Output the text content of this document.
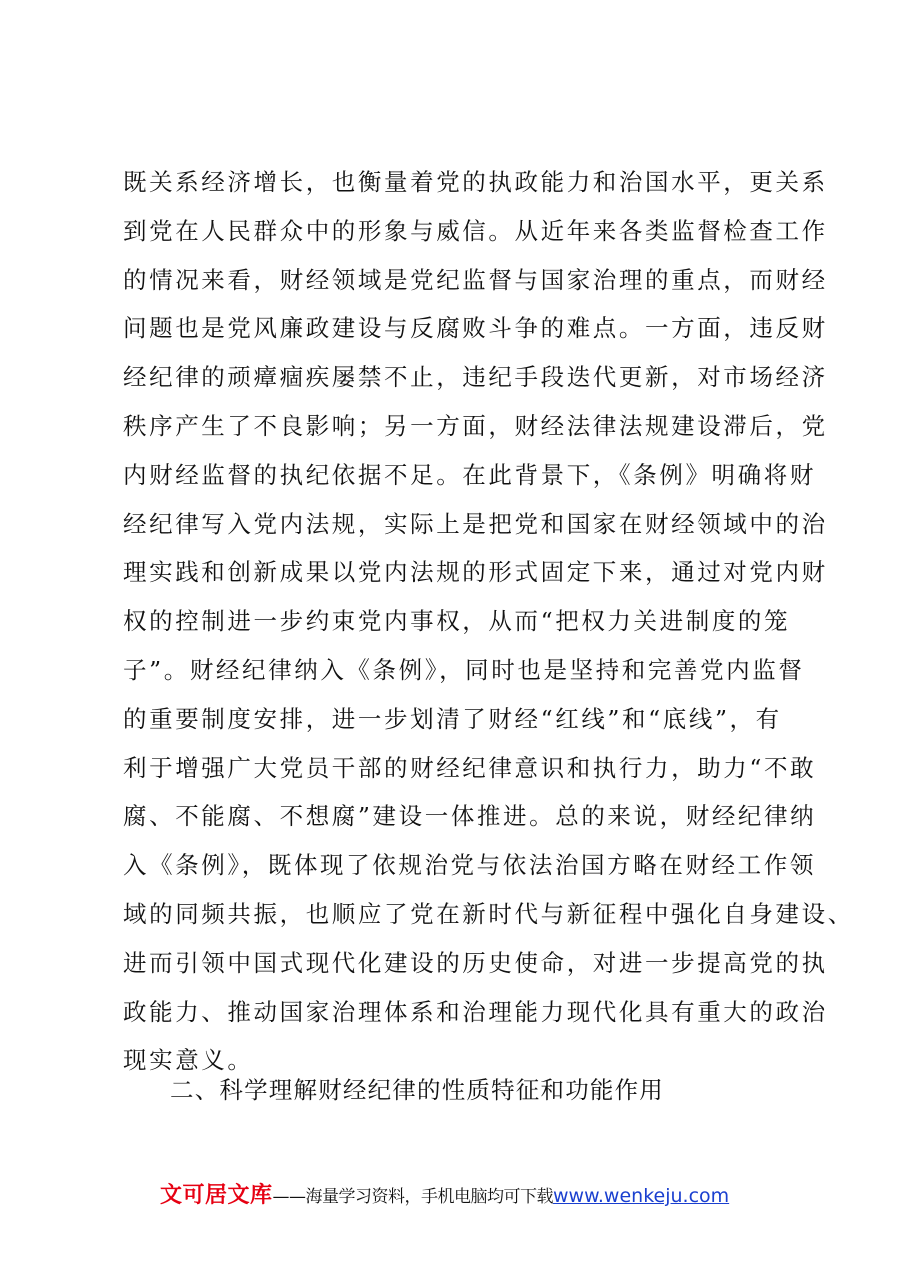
既关系经济增长，也衡量着党的执政能力和治国水平，更关系
到党在人民群众中的形象与威信。从近年来各类监督检查工作
的情况来看，财经领域是党纪监督与国家治理的重点，而财经
问题也是党风廉政建设与反腐败斗争的难点。一方面，违反财
经纪律的顽瘴痼疾屡禁不止，违纪手段迭代更新，对市场经济
秩序产生了不良影响；另一方面，财经法律法规建设滞后，党
内财经监督的执纪依据不足。在此背景下，《条例》明确将财
经纪律写入党内法规，实际上是把党和国家在财经领域中的治
理实践和创新成果以党内法规的形式固定下来，通过对党内财
权的控制进一步约束党内事权，从而“把权力关进制度的笼
子”。财经纪律纳入《条例》，同时也是坚持和完善党内监督
的重要制度安排，进一步划清了财经“红线”和“底线”，有
利于增强广大党员干部的财经纪律意识和执行力，助力“不敢
腐、不能腐、不想腐”建设一体推进。总的来说，财经纪律纳
入《条例》，既体现了依规治党与依法治国方略在财经工作领
域的同频共振，也顺应了党在新时代与新征程中强化自身建设、
进而引领中国式现代化建设的历史使命，对进一步提高党的执
政能力、推动国家治理体系和治理能力现代化具有重大的政治
现实意义。
二、科学理解财经纪律的性质特征和功能作用
文可居文库——海量学习资料，手机电脑均可下载www.wenkeju.com
